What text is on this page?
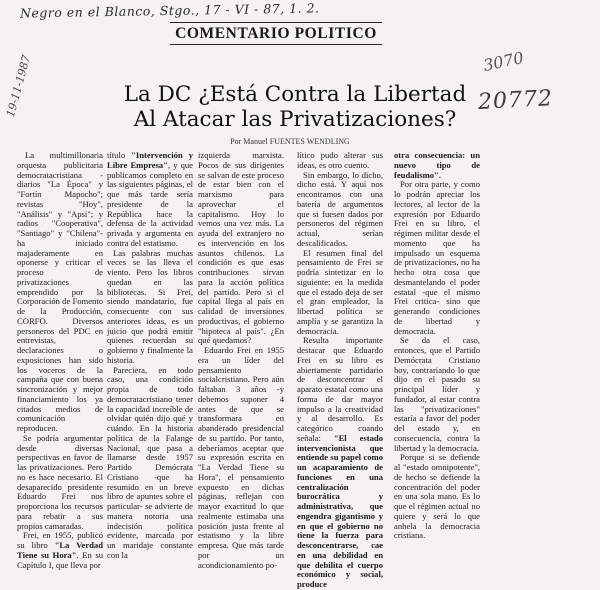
Negro en el Blanco, Stgo., 17 - VI - 87, 1. 2.
3070
20772
19-11-1987
COMENTARIO POLITICO
La DC ¿Está Contra la Libertad
Al Atacar las Privatizaciones?
Por Manuel FUENTES WENDLING

La multimillonaria orquesta publicitaria democratacristiana -diarios "La Época" y "Fortín Mapocho"; revistas "Hoy", "Análisis" y "Apsi"; y radios "Cooperativa", "Santiago" y "Chilena"- ha iniciado majaderamente en oponerse y criticar el proceso de privatizaciones emprendido por la Corporación de Fomento de la Producción, CORFO. Diversos personeros del PDC en entrevistas, declaraciones o exposiciones han sido los voceros de la campaña que con buena sincronización y mejor financiamiento los ya citados medios de comunicación reproducen.

Se podría argumentar desde diversas perspectivas en favor de las privatizaciones. Pero no es hace necesario. El desaparecido presidente Eduardo Frei nos proporciona los recursos para rebatir a sus propios camaradas.

Frei, en 1955, publicó su libro "La Verdad Tiene su Hora". En su Capítulo I, que lleva por

título "Intervención y Libre Empresa", y que publicamos completo en las siguientes páginas, el que más tarde sería presidente de la República hace la defensa de la actividad privada y argumenta en contra del estatismo.

Las palabras muchas veces se las lleva el viento. Pero los libros quedan en las bibliotecas. Si Frei, siendo mandatario, fue consecuente con sus anteriores ideas, es un juicio que podrá emitir quienes recuerdan su gobierno y finalmente la historia.

Pareciera, en todo caso, una condición propia de todo democratacristiano tener la capacidad increíble de olvidar quién dijo qué y cuándo. En la historia política de la Falange Nacional, que pasa a llamarse desde 1957 Partido Demócrata Cristiano -que ha resumido en un breve libro de apuntes sobre el particular- se advierte de manera notoria una indecisión política evidente, marcada por un maridaje constante con la

izquierda marxista. Pocos de sus dirigentes se salvan de este proceso de estar bien con el marxismo para aprovechar el capitalismo. Hoy lo vemos una vez más. La ayuda del extranjero no es intervención en los asuntos chilenos. La condición es que esas contribuciones sirvan para la acción política del partido. Pero si el capital llega al país en calidad de inversiones productivas, el gobierno "hipoteca al país". ¿En qué quedamos?

Eduardo Frei en 1955 era un líder del pensamiento socialcristiano. Pero aún faltaban 3 años -y debemos suponer 4 antes de que se transformara en abanderado presidencial de su partido. Por tanto, deberíamos aceptar que su expresión escrita en "La Verdad Tiene su Hora", el pensamiento expuesto en dichas páginas, reflejan con mayor exactitud lo que realmente estimaba una posición justa frente al estatismo y la libre empresa. Que más tarde por un acondicionamiento po-

lítico pudo alterar sus ideas, es otro cuento.

Sin embargo, lo dicho, dicho está. Y aquí nos encontramos con una batería de argumentos que si fuesen dados por personeros del régimen actual, serían descalificados.

El resumen final del pensamiento de Frei se podría sintetizar en lo siguiente: en la medida que el estado deja de ser el gran empleador, la libertad política se amplía y se garantiza la democracia.

Resulta importante destacar que Eduardo Frei en su libro es abiertamente partidario de desconcentrar el aparato estatal como una forma de dar mayor impulso a la creatividad y al desarrollo. Es categórico cuando señala: "El estado intervencionista que entiende su papel como un acaparamiento de funciones en una centralización burocrática y administrativa, que engendra gigantismo y en que el gobierno no tiene la fuerza para desconcentrarse, cae en una debilidad en que debilita el cuerpo económico y social, produce

otra consecuencia: un nuevo tipo de feudalismo".

Por otra parte, y como lo podrán apreciar los lectores, al lector de la expresión por Eduardo Frei en su libro, el régimen militar desde el momento que ha impulsado un esquema de privatizaciones, no ha hecho otra cosa que desmantelando el poder estatal -que el mismo Frei critica- sino que generando condiciones de libertad y democracia.

Se da el caso, entonces, que el Partido Demócrata Cristiano hoy, contrariando lo que dijo en el pasado su principal líder y fundador, al estar contra las "privatizaciones" estaría a favor del poder del estado y, en consecuencia, contra la libertad y la democracia.

Porque si se defiende al "estado omnipotente", de hecho se defiende la concentración del poder en una sola mano. Es lo que el régimen actual no quiere y será lo que anhela la democracia cristiana.
